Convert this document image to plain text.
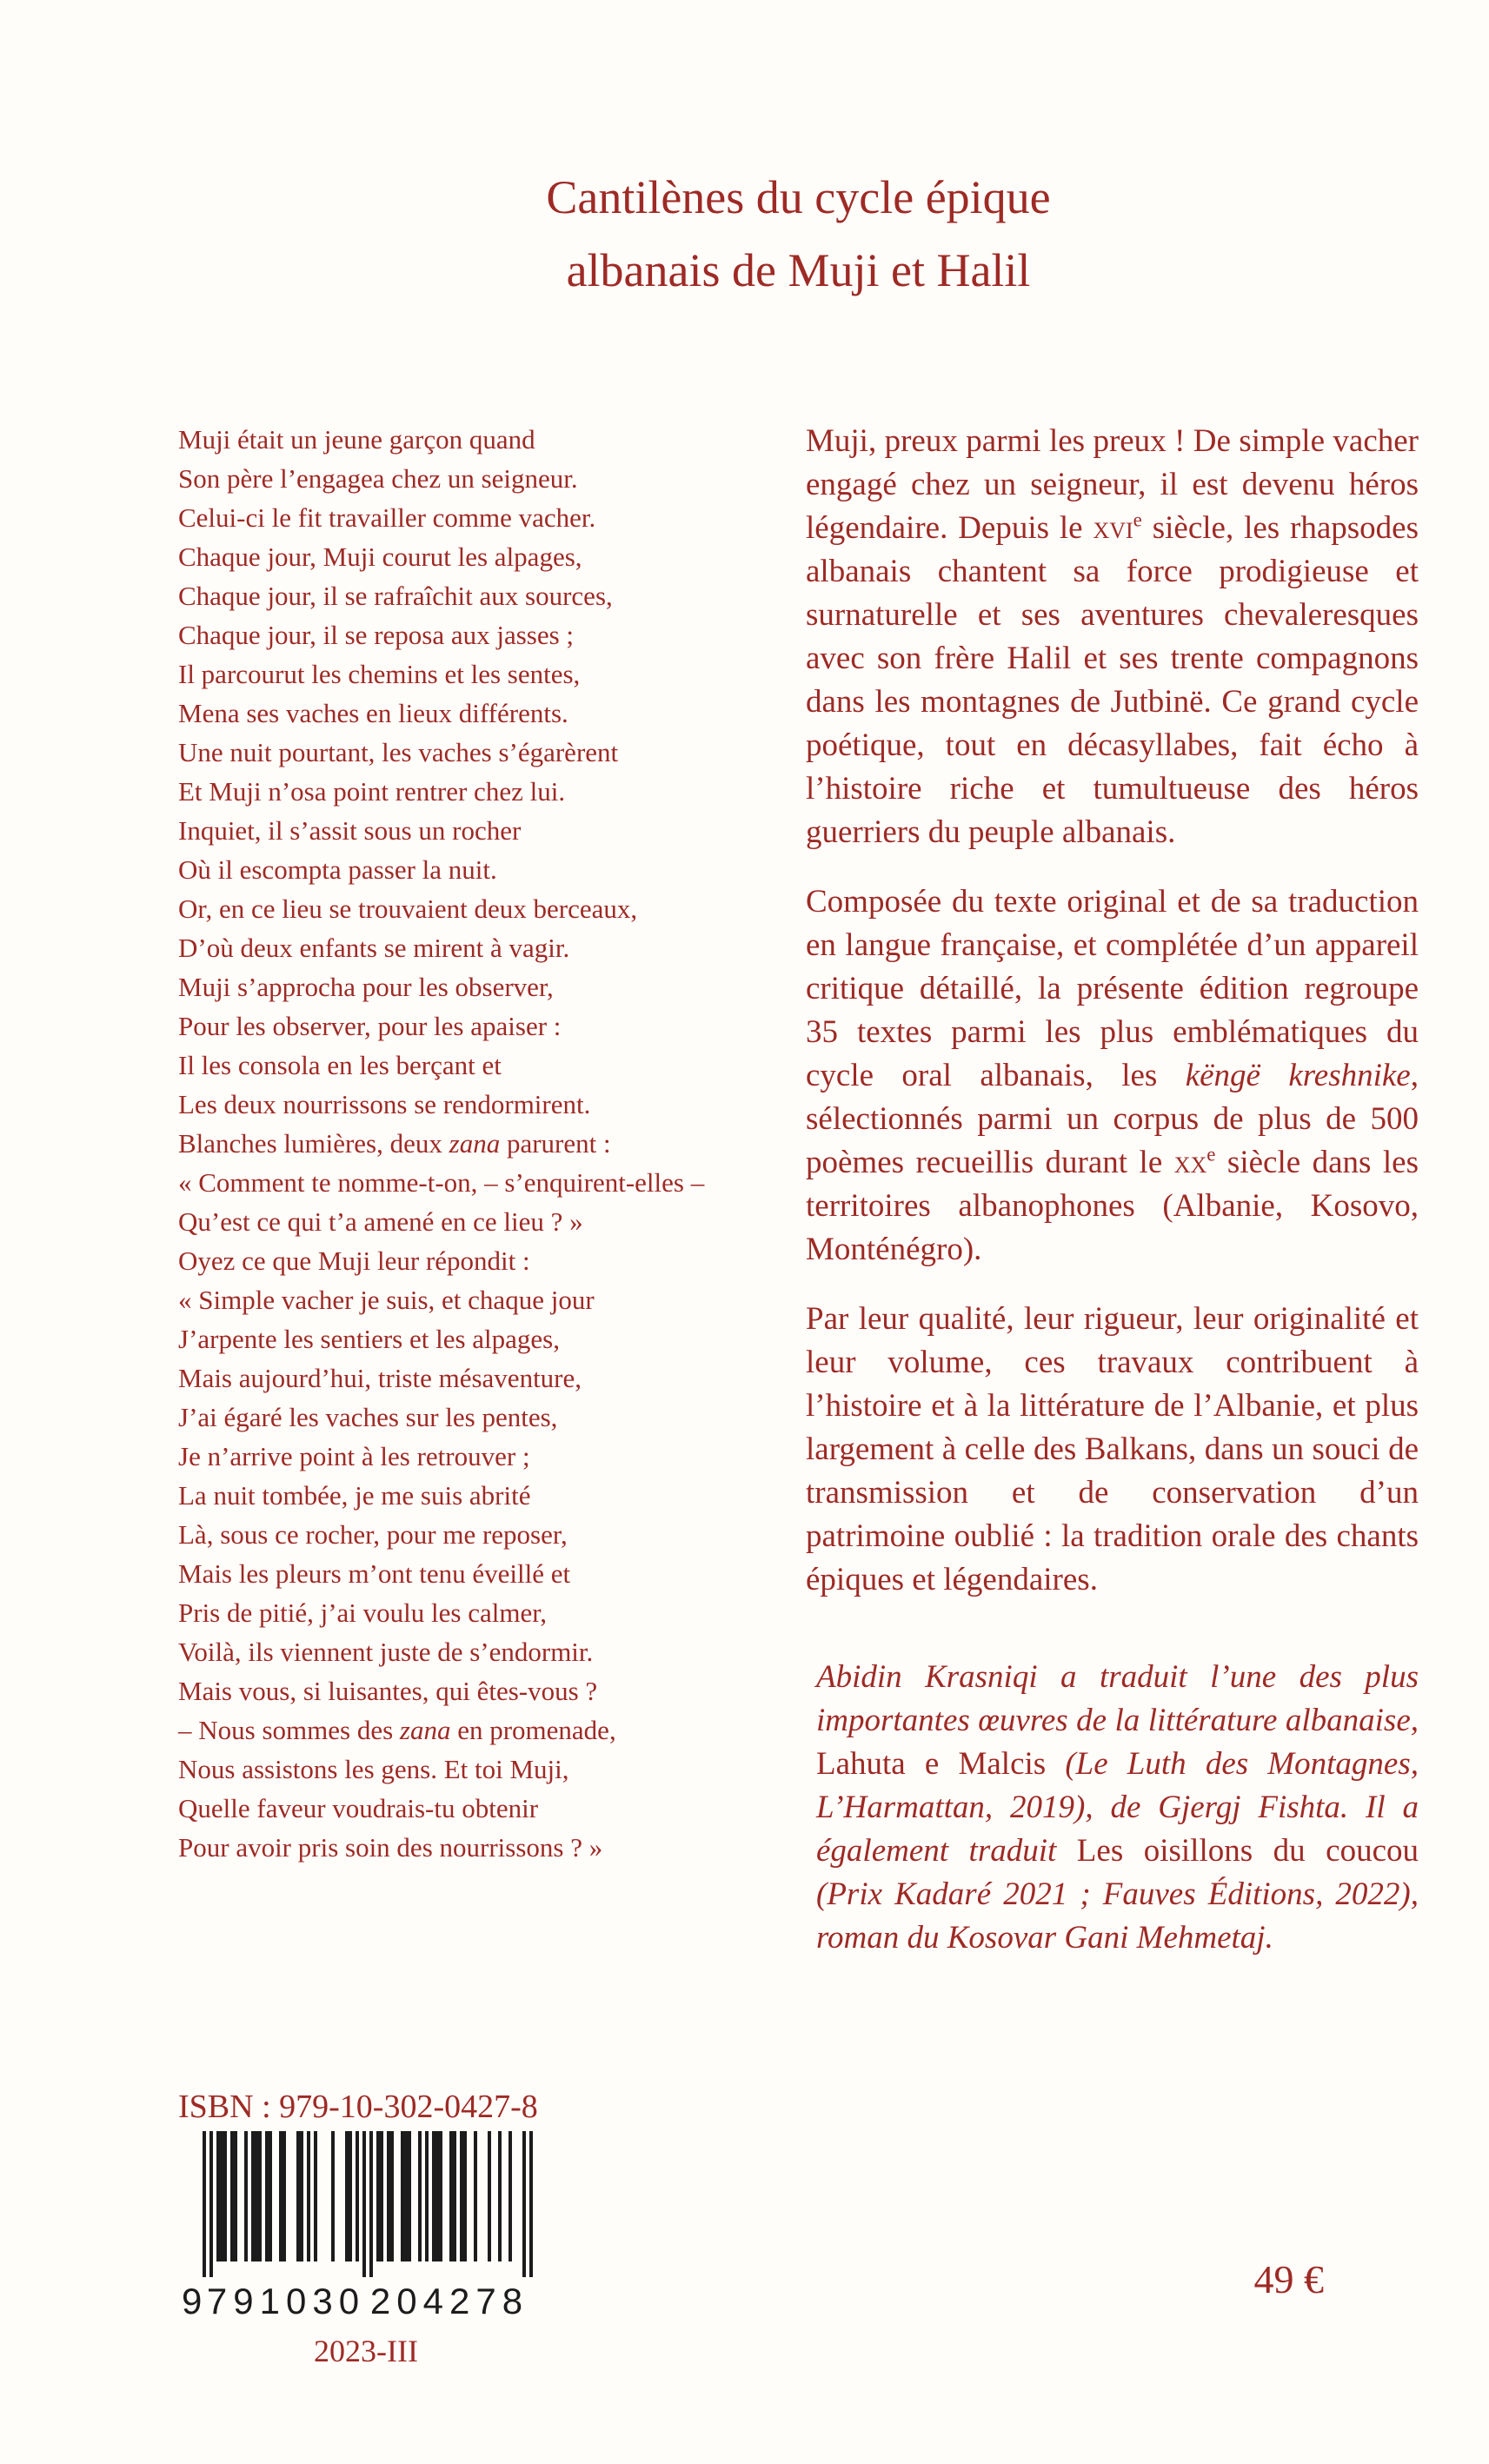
Cantilènes du cycle épique
albanais de Muji et Halil
Muji était un jeune garçon quand
Son père l’engagea chez un seigneur.
Celui-ci le fit travailler comme vacher.
Chaque jour, Muji courut les alpages,
Chaque jour, il se rafraîchit aux sources,
Chaque jour, il se reposa aux jasses ;
Il parcourut les chemins et les sentes,
Mena ses vaches en lieux différents.
Une nuit pourtant, les vaches s’égarèrent
Et Muji n’osa point rentrer chez lui.
Inquiet, il s’assit sous un rocher
Où il escompta passer la nuit.
Or, en ce lieu se trouvaient deux berceaux,
D’où deux enfants se mirent à vagir.
Muji s’approcha pour les observer,
Pour les observer, pour les apaiser :
Il les consola en les berçant et
Les deux nourrissons se rendormirent.
Blanches lumières, deux zana parurent :
« Comment te nomme-t-on, – s’enquirent-elles –
Qu’est ce qui t’a amené en ce lieu ? »
Oyez ce que Muji leur répondit :
« Simple vacher je suis, et chaque jour
J’arpente les sentiers et les alpages,
Mais aujourd’hui, triste mésaventure,
J’ai égaré les vaches sur les pentes,
Je n’arrive point à les retrouver ;
La nuit tombée, je me suis abrité
Là, sous ce rocher, pour me reposer,
Mais les pleurs m’ont tenu éveillé et
Pris de pitié, j’ai voulu les calmer,
Voilà, ils viennent juste de s’endormir.
Mais vous, si luisantes, qui êtes-vous ?
– Nous sommes des zana en promenade,
Nous assistons les gens. Et toi Muji,
Quelle faveur voudrais-tu obtenir
Pour avoir pris soin des nourrissons ? »

Muji, preux parmi les preux ! De simple vacher engagé chez un seigneur, il est devenu héros légendaire. Depuis le xvi$^e$ siècle, les rhapsodes albanais chantent sa force prodigieuse et surnaturelle et ses aventures chevaleresques avec son frère Halil et ses trente compagnons dans les montagnes de Jutbinë. Ce grand cycle poétique, tout en décasyllabes, fait écho à l’histoire riche et tumultueuse des héros guerriers du peuple albanais.

Composée du texte original et de sa traduction en langue française, et complétée d’un appareil critique détaillé, la présente édition regroupe 35 textes parmi les plus emblématiques du cycle oral albanais, les këngë kreshnike, sélectionnés parmi un corpus de plus de 500 poèmes recueillis durant le $xx^e$ siècle dans les territoires albanophones (Albanie, Kosovo, Monténégro).

Par leur qualité, leur rigueur, leur originalité et leur volume, ces travaux contribuent à l’histoire et à la littérature de l’Albanie, et plus largement à celle des Balkans, dans un souci de transmission et de conservation d’un patrimoine oublié : la tradition orale des chants épiques et légendaires.

Abidin Krasniqi a traduit l’une des plus importantes œuvres de la littérature albanaise, Lahuta e Malcis (Le Luth des Montagnes, L’Harmattan, 2019), de Gjergj Fishta. Il a également traduit Les oisillons du coucou (Prix Kadaré 2021 ; Fauves Éditions, 2022), roman du Kosovar Gani Mehmetaj.

ISBN : 979-10-302-0427-8
9 791030 204278
2023-III
49 €
